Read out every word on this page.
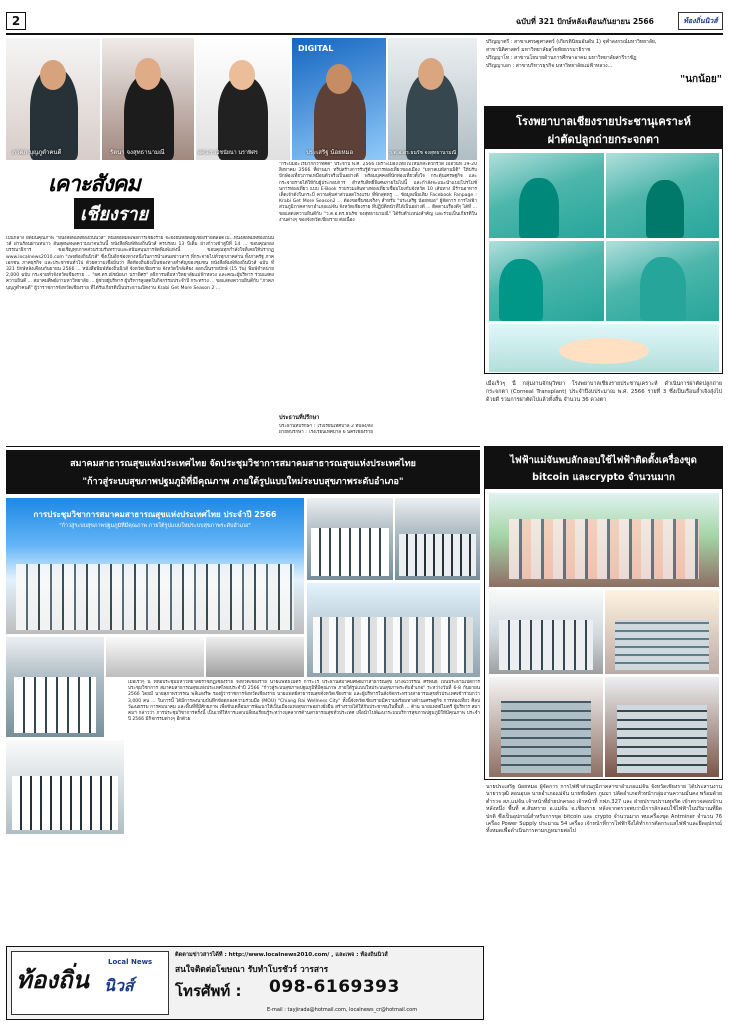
2	ฉบับที่ 321 ปักษ์หลังเดือนกันยายน 2566	ท้องถิ่นนิวส์
ภาคภ บุญภูดำคนดี	รัตนา จงสุทธานามณี	ผศ.ดร.ณัชนัยนา นราพิศร
DIGITAL
ประเสริฐ น้อยหมอ	ว.ต.อ.ดร.ธนรัช จงสุทธานามณี
เคาะสังคม
เชียงราย
เป็นกลาง ยึดมั่นคุณภาพ "หนังสือพิมพ์ท้องถิ่นนิวส์" หนังสือพิมพ์เพื่อการเชียงราย จะยังยืนหยัดอยู่เชียงรายตลอดไป...หนังสือพิมพ์ท้องถิ่นนิวส์ ผ่านร้อนผ่านหนาว อันสุดพลพลความมาจนวันนี้ หนังสือพิมพ์ท้องถิ่นนิวส์ ครบรอบ 13 ปีเต็ม ย่างก้าวเข้าสู่ปีที่ 14 ... ขอบคุณกองบรรณาธิการ ขอเชิญทุกภาคส่วนร่วมรับทราบและสนับสนุนการจัดพิมพ์แห่งนี้ ขอบคุณทุกกำลังใจที่เคยให้ปรากฏ www.localnews2010.com "เพจท้องถิ่นนิวส์" ซึ่งเป็นอีกช่องทางหนึ่งในการนำเสนอข่าวสาร ที่กระจายไปทั่วทุกภาคส่วน ทั้งภาครัฐ ภาคเอกชน ภาคธุรกิจ และประชาชนทั่วไป ด้วยความเชื่อมั่นว่า สื่อท้องถิ่นยังเป็นช่องทางสำคัญของชุมชน หนังสือพิมพ์ท้องถิ่นนิวส์ ฉบับ ที่ 321 ปักษ์หลังเดือนกันยายน 2566 ... หนังสือพิมพ์ท้องถิ่นนิวส์ จังหวัดเชียงราย จังหวัดใกล้เคียง ออกเป็นรายปักษ์ (15 วัน) พิมพ์จำหน่าย 2,000 ฉบับ กระจายทั่วจังหวัดเชียงราย ... "ผศ.ดร.ณัชนัยนา นราพิศร" อธิการบดีมหาวิทยาลัยแม่ฟ้าหลวง และคณะผู้บริหาร ร่วมแสดงความยินดี ... สมาคมศิษย์เก่ามหาวิทยาลัย ... ผู้ช่วยผู้บริหาร ผู้บริหารสูงสุดในกิจกรรมประจำปี กระทรวง ... ขอแสดงความยินดีกับ "ภาคภ บุญภูดำคนดี" ผู้ว่าราชการจังหวัดเชียงราย ที่ได้รับเกียรติเป็นประธานเปิดงาน Krabi Get More Season 2 ...
"กระบี่มีอะไรมากกว่าที่คิด" ประจำปี พ.ศ. 2566 เพราะเมืองไทยไปไหนก็สะดวกรวด เมื่อวันที่ 19-20 สิงหาคม 2566 ที่ผ่านมา ทริปสร้างการรับรู้ด้านการท่องเที่ยวของเมือง "มหาสเน่ห์สามมิติ" ให้ปรับปักษ์องเที่ยวภาพเหมือนตัวจริงเป็นอย่างดี พร้อมบุคคลที่นักท่องเที่ยวตั้งใจ กระตุ้นเศรษฐกิจ และกระจายรายได้ให้กับผู้ประกอบการ สำหรับสิทธิ์พิเศษภายในไปนี้ และกำลังจะแนะนำแบบโปรโมชั่นการท่องเที่ยว แบบ E-Book รวบรวมเส้นทางท่องเที่ยวเชื่อมโยงกับจังหวัด 10 เส้นทาง มีร้านอาหารเด็ดเจ้าดังในกระบี่ ความคุ้มค่าส่วนลดโรงแรม ที่พักสุดหรู ... ข้อมูลเพิ่มเติม Facebook Fanpage : Krabi Get More Season2 ... ต้องขอชื่นชมจริงๆ สำหรับ "ประเสริฐ น้อยหมอ" ผู้จัดการ การไฟฟ้าส่วนภูมิภาคสาขาอำเภอแม่จัน จังหวัดเชียงราย ที่ปฏิบัติหน้าที่ได้เป็นอย่างดี ... ติดตามเรื่องดีๆ ได้ที่ ... ขอแสดงความยินดีกับ "ว.ต.อ.ดร.ธนรัช จงสุทธานามณี" ได้รับตำแหน่งสำคัญ และร่วมเป็นเกียรติในงานต่างๆ ของจังหวัดเชียงราย ต่อเนื่อง
ประธานที่ปรึกษา
ประธานที่ปรึกษา : โรงเรียนเทศบาล 2 ทบลง/อัง
ฝ่ายที่ปรึกษา : โรงเรียนเทศบาล 6 นครเชียงราย
ปริญญาตรี : สาขาเศรษฐศาสตร์ (เกียรตินิยมอันดับ 1) จุฬาลงกรณ์มหาวิทยาลัย,
สาขานิติศาสตร์ มหาวิทยาลัยสุโขทัยธรรมาธิราช
ปริญญาโท : สาขานโยบายด้านการศึกษาอาคม มหาวิทยาลัยสารีราชัฏ
ปริญญาเอก : สาขาบริหารธุรกิจ มหาวิทยาลัยแม่ฟ้าหลวง...
"นกน้อย"
โรงพยาบาลเชียงรายประชานุเคราะห์
ผ่าตัดปลูกถ่ายกระจกตา
เมื่อเร็วๆ นี้ กลุ่มงานจักษุวิทยา โรงพยาบาลเชียงรายประชานุเคราะห์ ดำเนินการผ่าตัดปลูกถ่ายกระจกตา (Corneal Transplant) ประจำปีงบประมาณ พ.ศ. 2566 รายที่ 3 ซึ่งเป็นเรือนล้ำเจิงสุ่งไปด้วยดี รวมการผ่าตัดไปแล้วทั้งสิ้น จำนวน 36 ดวงตา
สมาคมสาธารณสุขแห่งประเทศไทย จัดประชุมวิชาการสมาคมสาธารณสุขแห่งประเทศไทย
"ก้าวสู่ระบบสุขภาพปฐมภูมิที่มีคุณภาพ ภายใต้รูปแบบใหม่ระบบสุขภาพระดับอำเภอ"
การประชุมวิชาการสมาคมสาธารณสุขแห่งประเทศไทย ประจำปี 2566
"ก้าวสู่ระบบสุขภาพปฐมภูมิที่มีคุณภาพ ภายใต้รูปแบบใหม่ระบบสุขภาพระดับอำเภอ"
เมื่อเร็วๆ นี้ ที่หอประชุมมหาวิทยาลัยราชภัฏเชียงราย จังหวัดเชียงราย นายแพทย์ไมตรี การะโร ประธานสมาคมศิษย์เก่าสาธารณสุข นางฉวีวรรณ ศรีพันธ์ เป็นประธานเปิดการประชุมวิชาการ สมาคมสาธารณสุขแห่งประเทศไทยประจำปี 2566 "ก้าวสู่ระบบสุขภาพปฐมภูมิที่มีคุณภาพ ภายใต้รูปแบบใหม่ระบบสุขภาพระดับอำเภอ" ระหว่างวันที่ 6-8 กันยายน 2566 โดยมี นายสุภาพรวรรณ พลีแสงริษ รองผู้ว่าราชการจังหวัดเชียงราย นายแพทย์สาธารณสุขจังหวัดเชียงราย และผู้บริหารในสังกัดกระทรวงสาธารณสุขทั่วประเทศเข้าร่วมกว่า 3,000 คน ... ในการนี้ ได้มีการลงนามบันทึกข้อตกลงความร่วมมือ (MOU) "Chiang Rai Wellness City" ทั้งนี้จังหวัดเชียงรายมีความพร้อมทางด้านเศรษฐกิจ การท่องเที่ยว ศิลปวัฒนธรรม การคมนาคม และพื้นที่ที่มีศักยภาพ เพื่อขับเคลื่อนการพัฒนาให้เป็นเมืองแห่งสุขภาพอย่างยั่งยืน สร้างรายได้ให้กับประชาชนในพื้นที่ ... ด้าน นายแพทย์ไมตรี ผู้บริหาร สมาคมฯ กล่าวว่า การประชุมวิชาการครั้งนี้ เป็นเวทีให้การแลกเปลี่ยนเรียนรู้ระหว่างบุคลากรด้านสาธารณสุขทั่วประเทศ เพื่อนำไปพัฒนาระบบบริการสุขภาพปฐมภูมิให้มีคุณภาพ ประจำปี 2566 มีกิจกรรมต่างๆ อีกด้วย
ไฟฟ้าแม่จันพบลักลอบใช้ไฟฟ้าติดตั้งเครื่องขุด
bitcoin และcrypto จำนวนมาก
นายประเสริฐ น้อยหมอ ผู้จัดการ การไฟฟ้าส่วนภูมิภาคสาขาอำเภอแม่จัน จังหวัดเชียงราย ได้ประสานงาน นายวรวุฒิ สอนอุบล นายอำเภอแม่จัน นายชัยฉัตร ภูมมา ปลัดอำเภอหัวหน้ากลุ่มงานความมั่นคง พร้อมด้วย ตำรวจ สภ.แม่จัน เจ้าหน้าที่ฝ่ายปกครอง เจ้าหน้าที่ กฟภ.327 และ ฝ่ายปราบปรามทุจริต เข้าตรวจสอบบ้านหลังหนึ่ง พื้นที่ ต.สันทราย อ.แม่จัน จ.เชียงราย หลังจากตรวจพบว่ามีการลักลอบใช้ไฟฟ้าในปริมาณที่ผิดปกติ ซึ่งเป็นอุปกรณ์สำหรับการขุด bitcoin และ crypto จำนวนมาก พบเครื่องขุด Antminer จำนวน 76 เครื่อง Power Supply ประมาณ 54 เครื่อง เจ้าหน้าที่การไฟฟ้าจึงได้ทำการตัดกระแสไฟฟ้าและยึดอุปกรณ์ทั้งหมดเพื่อดำเนินการตามกฎหมายต่อไป
ท้องถิ่น นิวส์
Local News
ติดตามข่าวสารได้ที่ : http://www.localnews2010.com/ , และเพจ : ท้องถิ่นนิวส์
สนใจติดต่อโฆษณา รับทำโบรชัวร์ วารสาร
โทรศัพท์ : 098-6169393
E-mail : tayjirada@hotmail.com, localnews_cr@hotmail.com
